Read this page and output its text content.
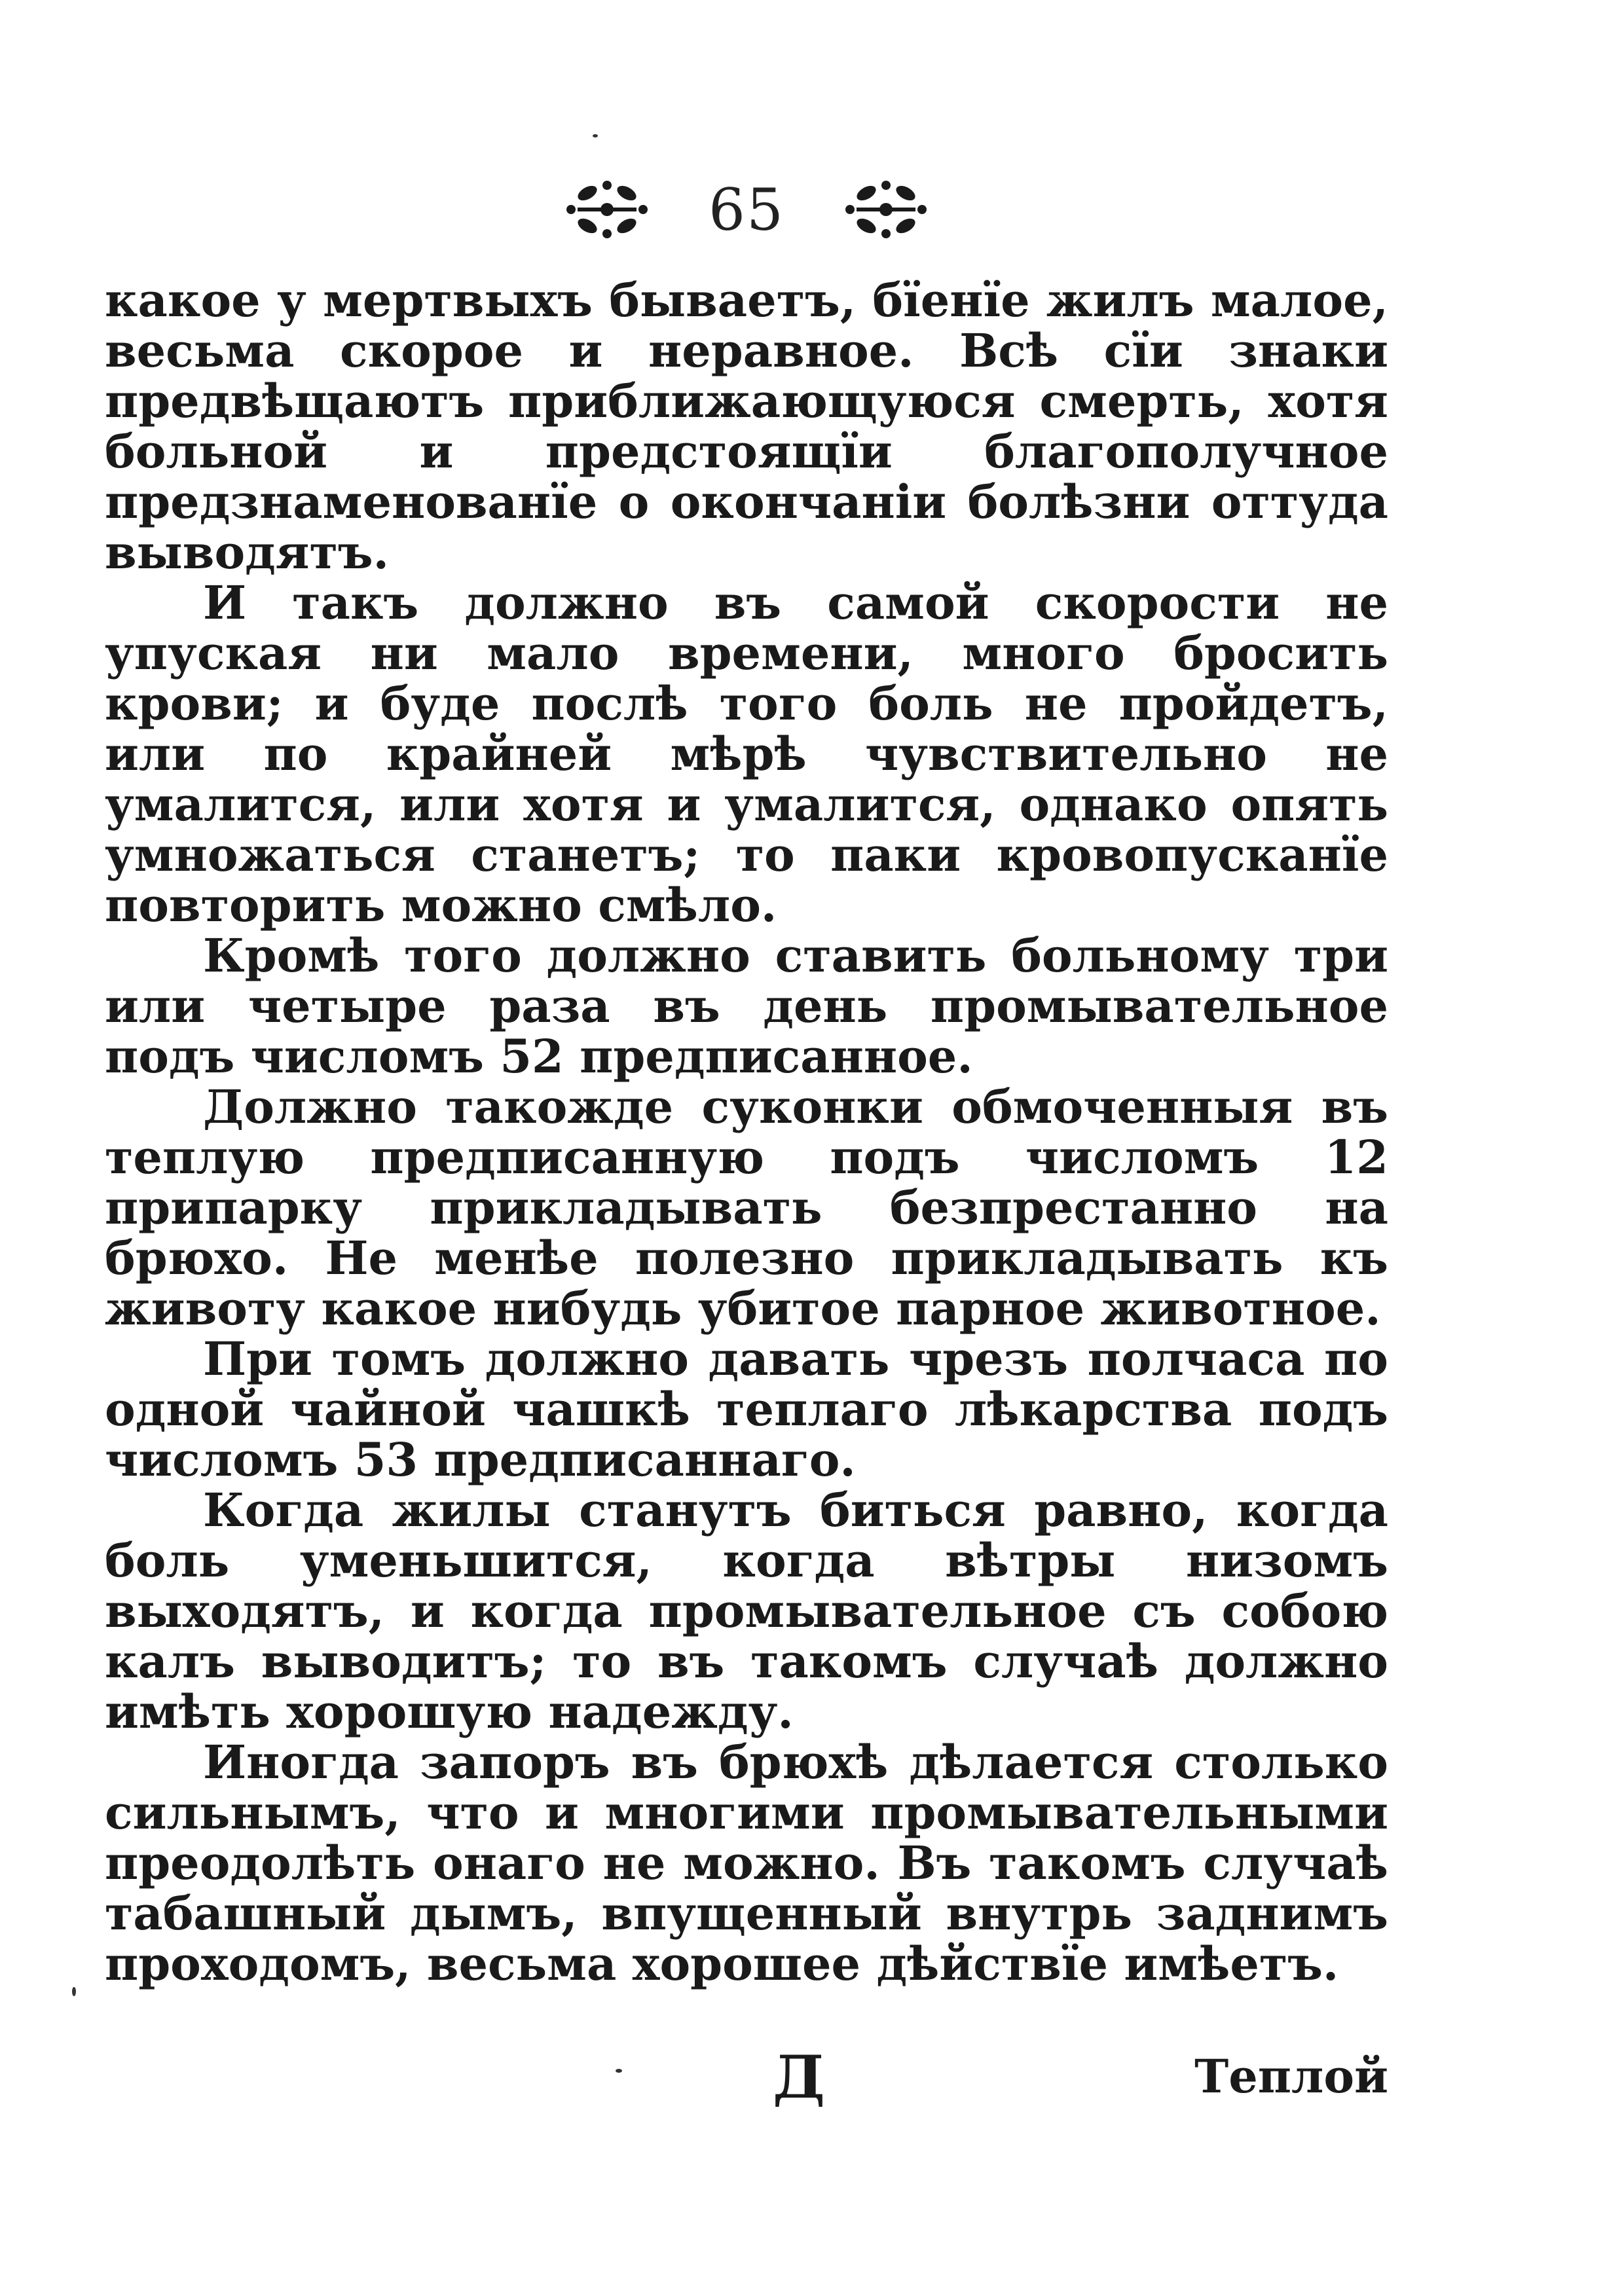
65

какое у мертвыхъ бываетъ, бїенїе жилъ малое, весьма скорое и неравное. Всѣ сїи знаки предвѣщаютъ приближающуюся смерть, хотя больной и предстоящїи благополучное предзнаменованїе о окончанiи болѣзни оттуда выводятъ.

И такъ должно въ самой скорости не упуская ни мало времени, много бросить крови; и буде послѣ того боль не пройдетъ, или по крайней мѣрѣ чувствительно не умалится, или хотя и умалится, однако опять умножаться станетъ; то паки кровопусканїе повторить можно смѣло.

Кромѣ того должно ставить больному три или четыре раза въ день промывательное подъ числомъ 52 предписанное.

Должно такожде суконки обмоченныя въ теплую предписанную подъ числомъ 12 припарку прикладывать безпрестанно на брюхо. Не менѣе полезно прикладывать къ животу какое нибудь убитое парное животное.

При томъ должно давать чрезъ полчаса по одной чайной чашкѣ теплаго лѣкарства подъ числомъ 53 предписаннаго.

Когда жилы станутъ биться равно, когда боль уменьшится, когда вѣтры низомъ выходятъ, и когда промывательное съ собою калъ выводитъ; то въ такомъ случаѣ должно имѣть хорошую надежду.

Иногда запоръ въ брюхѣ дѣлается столько сильнымъ, что и многими промывательными преодолѣть онаго не можно. Въ такомъ случаѣ табашный дымъ, впущенный внутрь заднимъ проходомъ, весьма хорошее дѣйствїе имѣетъ.

Д	Теплой
